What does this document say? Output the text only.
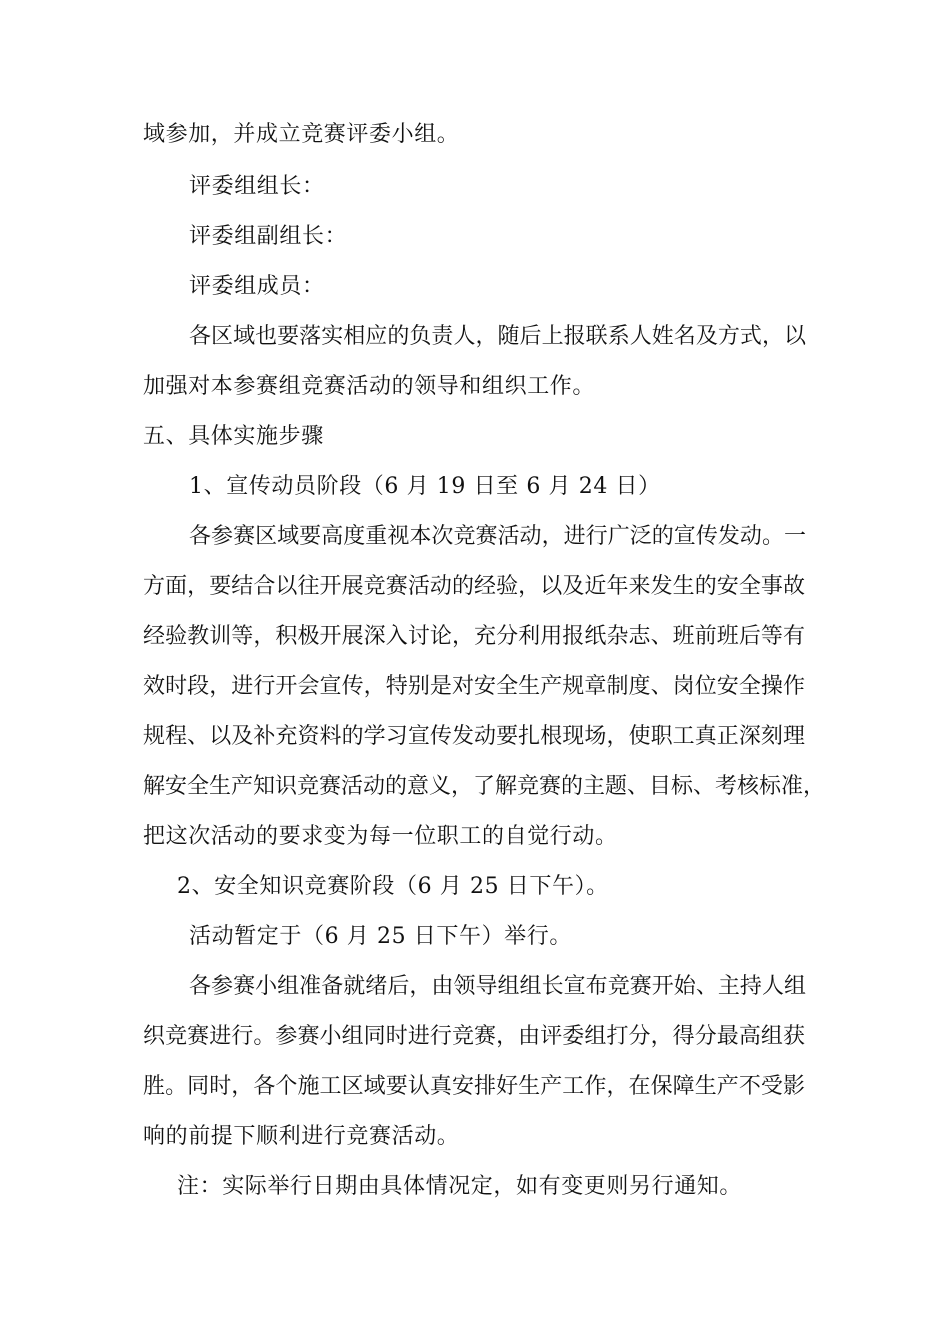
域参加，并成立竞赛评委小组。
评委组组长：
评委组副组长：
评委组成员：
各区域也要落实相应的负责人，随后上报联系人姓名及方式，以
加强对本参赛组竞赛活动的领导和组织工作。
五、具体实施步骤
1、宣传动员阶段（6 月 19 日至 6 月 24 日）
各参赛区域要高度重视本次竞赛活动，进行广泛的宣传发动。一
方面，要结合以往开展竞赛活动的经验，以及近年来发生的安全事故
经验教训等，积极开展深入讨论，充分利用报纸杂志、班前班后等有
效时段，进行开会宣传，特别是对安全生产规章制度、岗位安全操作
规程、以及补充资料的学习宣传发动要扎根现场，使职工真正深刻理
解安全生产知识竞赛活动的意义，了解竞赛的主题、目标、考核标准，
把这次活动的要求变为每一位职工的自觉行动。
2、安全知识竞赛阶段（6 月 25 日下午）。
活动暂定于（6 月 25 日下午）举行。
各参赛小组准备就绪后，由领导组组长宣布竞赛开始、主持人组
织竞赛进行。参赛小组同时进行竞赛，由评委组打分，得分最高组获
胜。同时，各个施工区域要认真安排好生产工作，在保障生产不受影
响的前提下顺利进行竞赛活动。
注：实际举行日期由具体情况定，如有变更则另行通知。
